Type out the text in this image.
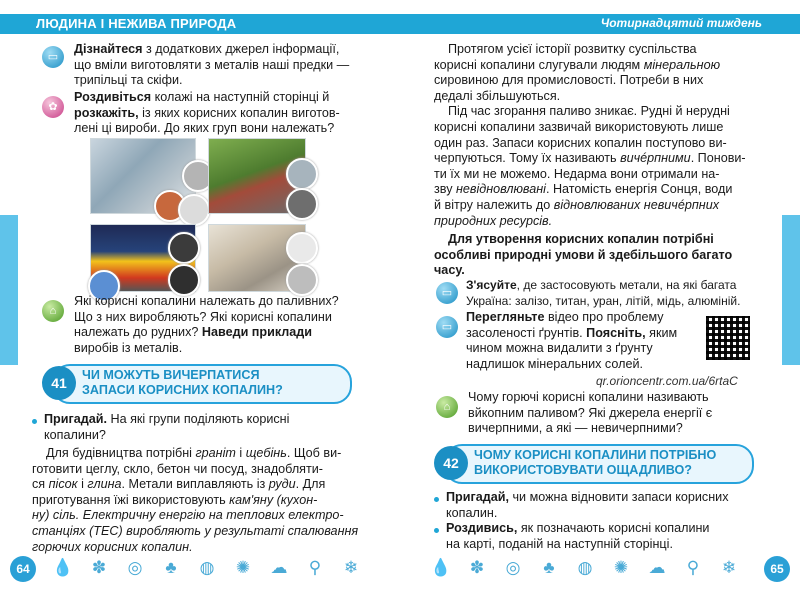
ЛЮДИНА І НЕЖИВА ПРИРОДА	Чотирнадцятий тиждень
▭

Дізнайтеся з додаткових джерел інформації,
що вміли виготовляти з металів наші предки —
трипільці та скіфи.

✿

Роздивіться колажі на наступній сторінці й
розкажіть, із яких корисних копалин виготов-
лені ці вироби. До яких груп вони належать?

⌂

Які корисні копалини належать до паливних?
Що з них виробляють? Які корисні копалини
належать до рудних? Наведи приклади
виробів із металів.

41	ЧИ МОЖУТЬ ВИЧЕРПАТИСЯ
ЗАПАСИ КОРИСНИХ КОПАЛИН?

Пригадай. На які групи поділяють корисні
копалини?

Для будівництва потрібні граніт і щебінь. Щоб ви-
готовити цеглу, скло, бетон чи посуд, знадобляти-
ся пісок і глина. Метали виплавляють із руди. Для
приготування їжі використовують кам'яну (кухон-
ну) сіль. Електричну енергію на теплових електро-
станціях (ТЕС) виробляють у результаті спалювання
горючих корисних копалин.

Протягом усієї історії розвитку суспільства
корисні копалини слугували людям мінеральною
сировиною для промисловості. Потреби в них
дедалі збільшуються.
Під час згорання паливо зникає. Рудні й нерудні
корисні копалини зазвичай використовують лише
один раз. Запаси корисних копалин поступово ви-
черпуються. Тому їх називають вичéрпними. Понови-
ти їх ми не можемо. Недарма вони отримали на-
зву невідновлювані. Натомість енергія Сонця, води
й вітру належить до відновлюваних невичéрпних
природних ресурсів.

Для утворення корисних копалин потрібні
особливі природні умови й здебільшого багато
часу.

▭

З'ясуйте, де застосовують метали, на які багата
Україна: залізо, титан, уран, літій, мідь, алюміній.

▭

Перегляньте відео про проблему
засоленості ґрунтів. Поясніть, яким
чином можна видалити з ґрунту
надлишок мінеральних солей.

qr.orioncentr.com.ua/6rtaC
⌂

Чому горючі корисні копалини називають
вйкопним паливом? Які джерела енергії є
вичерпними, а які — невичерпними?

42	ЧОМУ КОРИСНІ КОПАЛИНИ ПОТРІБНО
ВИКОРИСТОВУВАТИ ОЩАДЛИВО?

Пригадай, чи можна відновити запаси корисних
копалин.

Роздивись, як позначають корисні копалини
на карті, поданій на наступній сторінці.

64	💧 ✽ ◎	♣	◍ ✺ ☁ ⚲ ❄	💧 ✽ ◎	♣	◍ ✺ ☁ ⚲ ❄	65
